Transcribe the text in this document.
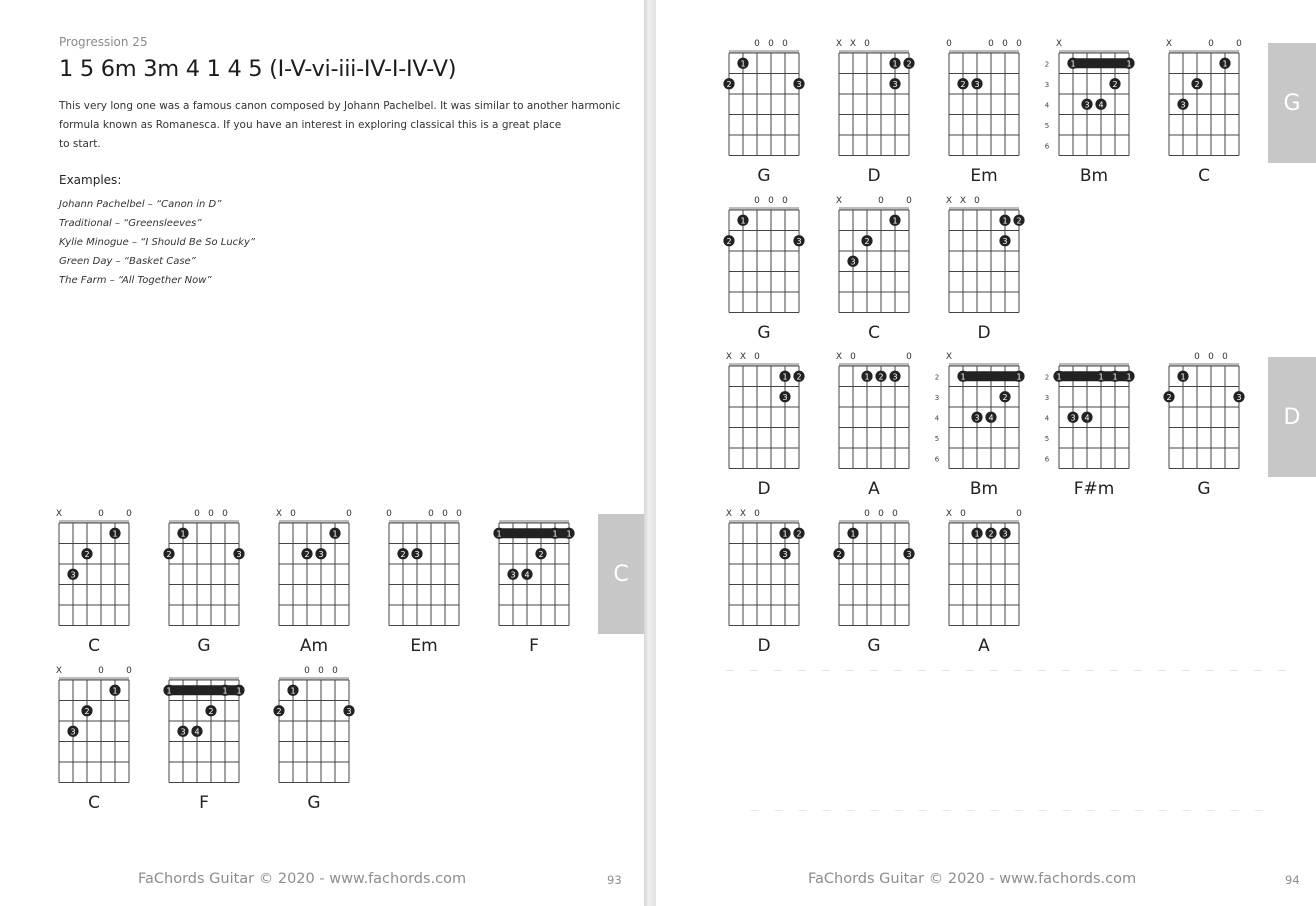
Progression 25
1 5 6m 3m 4 1 4 5 (I-V-vi-iii-IV-I-IV-V)
This very long one was a famous canon composed by Johann Pachelbel. It was similar to another harmonic
formula known as Romanesca. If you have an interest in exploring classical this is a great place
to start.
Examples:
Johann Pachelbel – “Canon in D”
Traditional – “Greensleeves”
Kylie Minogue – “I Should Be So Lucky”
Green Day – “Basket Case”
The Farm – “All Together Now”
X	0 0
1
2
3
C
0 0 0
1
2	3
G
X 0	0
1
2 3
Am
0	0 0 0
2 3
Em
1	1 1
2
3 4
F
X	0 0
1
2
3
C
1	1 1
2
3 4
F
0 0 0
1
2	3
G
C
FaChords Guitar © 2020 - www.fachords.com	93
0 0 0
1
2	3
G
X X 0
1 2
3
D
0	0 0 0
2 3
Em
X
2
3
4
5
6
1	1
2
3 4
Bm
X	0 0
1
2
3
C
0 0 0
1
2	3
G
X	0 0
1
2
3
C
X X 0
1 2
3
D
X X 0
1 2
3
D
X 0	0
1 2 3
A
X
2
3
4
5
6
1	1
2
3 4
Bm
2
3
4
5
6
1	1 1 1
3 4
F#m
0 0 0
1
2	3
G
X X 0
1 2
3
D
0 0 0
1
2	3
G
X 0	0
1 2 3
A
G
D
FaChords Guitar © 2020 - www.fachords.com	94
